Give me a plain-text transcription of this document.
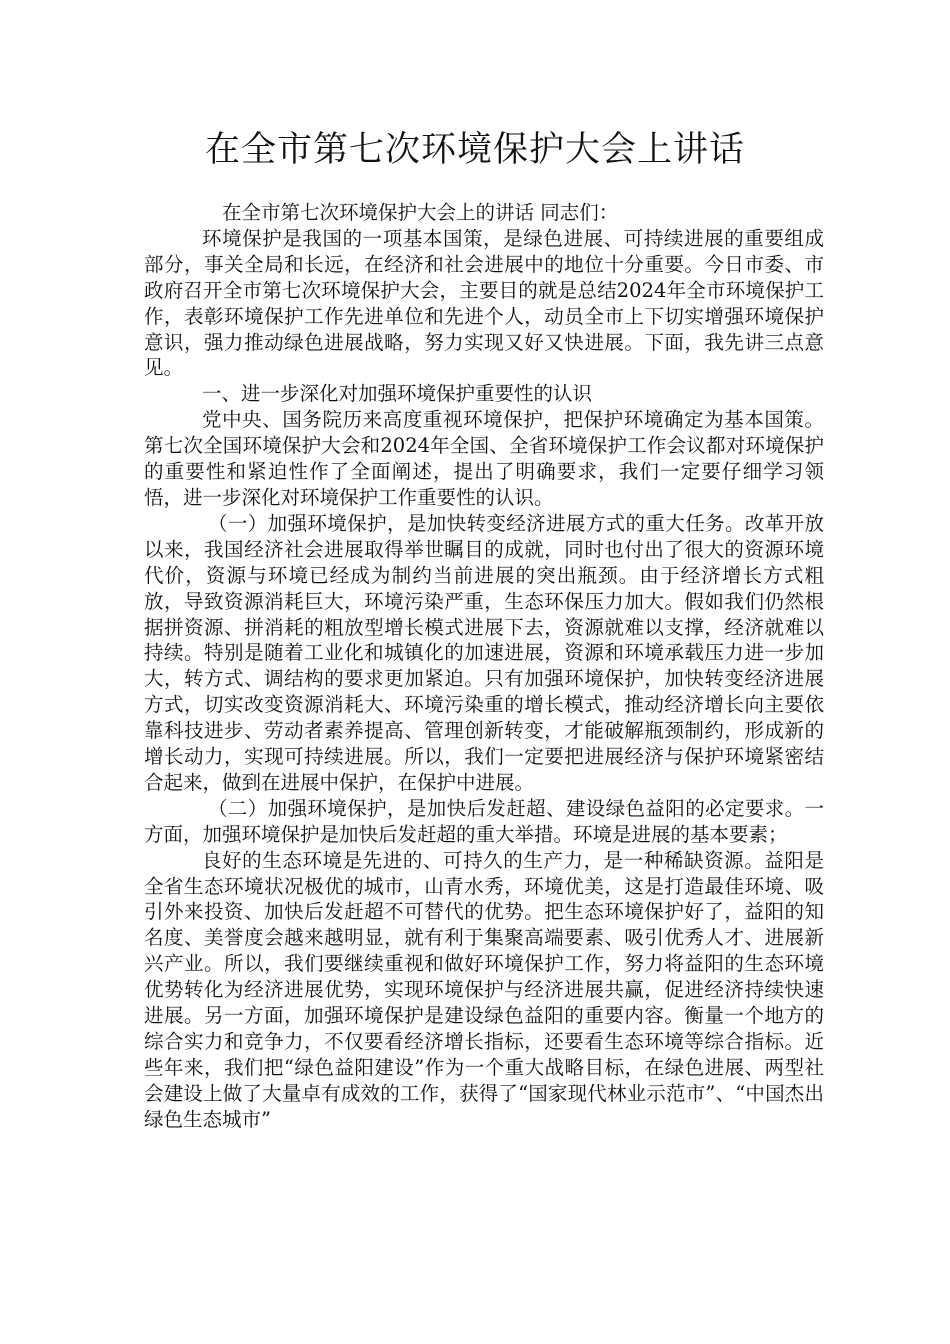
在全市第七次环境保护大会上讲话

在全市第七次环境保护大会上的讲话 同志们：

环境保护是我国的一项基本国策，是绿色进展、可持续进展的重要组成部分，事关全局和长远，在经济和社会进展中的地位十分重要。今日市委、市政府召开全市第七次环境保护大会，主要目的就是总结2024年全市环境保护工作，表彰环境保护工作先进单位和先进个人，动员全市上下切实增强环境保护意识，强力推动绿色进展战略，努力实现又好又快进展。下面，我先讲三点意见。

一、进一步深化对加强环境保护重要性的认识

党中央、国务院历来高度重视环境保护，把保护环境确定为基本国策。第七次全国环境保护大会和2024年全国、全省环境保护工作会议都对环境保护的重要性和紧迫性作了全面阐述，提出了明确要求，我们一定要仔细学习领悟，进一步深化对环境保护工作重要性的认识。

（一）加强环境保护，是加快转变经济进展方式的重大任务。改革开放以来，我国经济社会进展取得举世瞩目的成就，同时也付出了很大的资源环境代价，资源与环境已经成为制约当前进展的突出瓶颈。由于经济增长方式粗放，导致资源消耗巨大，环境污染严重，生态环保压力加大。假如我们仍然根据拼资源、拼消耗的粗放型增长模式进展下去，资源就难以支撑，经济就难以持续。特别是随着工业化和城镇化的加速进展，资源和环境承载压力进一步加大，转方式、调结构的要求更加紧迫。只有加强环境保护，加快转变经济进展方式，切实改变资源消耗大、环境污染重的增长模式，推动经济增长向主要依靠科技进步、劳动者素养提高、管理创新转变，才能破解瓶颈制约，形成新的增长动力，实现可持续进展。所以，我们一定要把进展经济与保护环境紧密结合起来，做到在进展中保护，在保护中进展。

（二）加强环境保护，是加快后发赶超、建设绿色益阳的必定要求。一方面，加强环境保护是加快后发赶超的重大举措。环境是进展的基本要素；

良好的生态环境是先进的、可持久的生产力，是一种稀缺资源。益阳是全省生态环境状况极优的城市，山青水秀，环境优美，这是打造最佳环境、吸引外来投资、加快后发赶超不可替代的优势。把生态环境保护好了，益阳的知名度、美誉度会越来越明显，就有利于集聚高端要素、吸引优秀人才、进展新兴产业。所以，我们要继续重视和做好环境保护工作，努力将益阳的生态环境优势转化为经济进展优势，实现环境保护与经济进展共赢，促进经济持续快速进展。另一方面，加强环境保护是建设绿色益阳的重要内容。衡量一个地方的综合实力和竞争力，不仅要看经济增长指标，还要看生态环境等综合指标。近些年来，我们把“绿色益阳建设”作为一个重大战略目标，在绿色进展、两型社会建设上做了大量卓有成效的工作，获得了“国家现代林业示范市”、“中国杰出绿色生态城市”
